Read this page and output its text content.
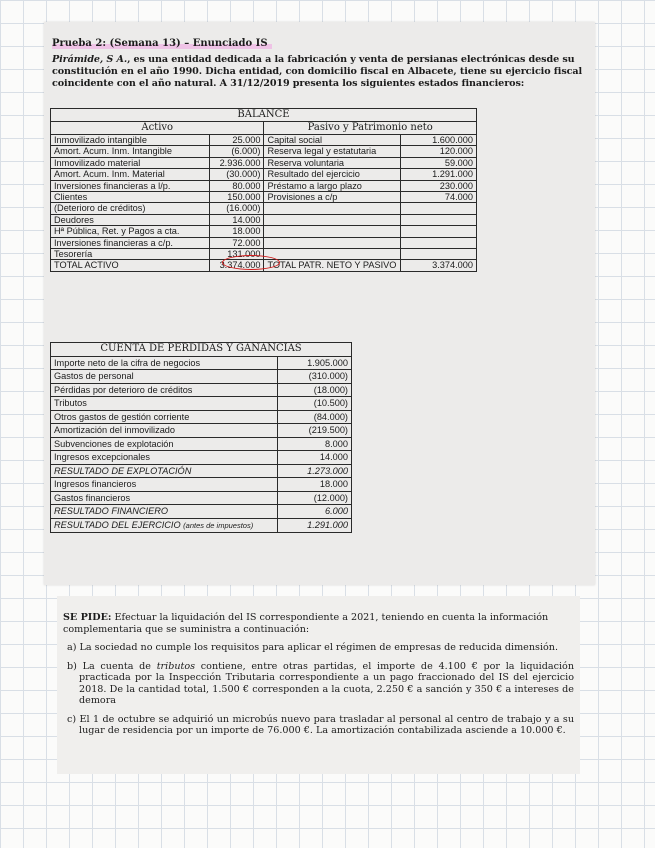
Prueba 2: (Semana 13) – Enunciado IS
Pirámide, S A., es una entidad dedicada a la fabricación y venta de persianas electrónicas desde su constitución en el año 1990. Dicha entidad, con domicilio fiscal en Albacete, tiene su ejercicio fiscal coincidente con el año natural. A 31/12/2019 presenta los siguientes estados financieros:
BALANCE			
Activo		Pasivo y Patrimonio neto	
Inmovilizado intangible	25.000	Capital social	1.600.000
Amort. Acum. Inm. Intangible	(6.000)	Reserva legal y estatutaria	120.000
Inmovilizado material	2.936.000	Reserva voluntaria	59.000
Amort. Acum. Inm. Material	(30.000)	Resultado del ejercicio	1.291.000
Inversiones financieras a l/p.	80.000	Préstamo a largo plazo	230.000
Clientes	150.000	Provisiones a c/p	74.000
(Deterioro de créditos)	(16.000)		
Deudores	14.000		
Hª Pública, Ret. y Pagos a cta.	18.000		
Inversiones financieras a c/p.	72.000		
Tesorería	131.000		
TOTAL ACTIVO	3.374.000	TOTAL PATR. NETO Y PASIVO	3.374.000
CUENTA DE PÉRDIDAS Y GANANCIAS	
Importe neto de la cifra de negocios	1.905.000
Gastos de personal	(310.000)
Pérdidas por deterioro de créditos	(18.000)
Tributos	(10.500)
Otros gastos de gestión corriente	(84.000)
Amortización del inmovilizado	(219.500)
Subvenciones de explotación	8.000
Ingresos excepcionales	14.000
RESULTADO DE EXPLOTACIÓN	1.273.000
Ingresos financieros	18.000
Gastos financieros	(12.000)
RESULTADO FINANCIERO	6.000
RESULTADO DEL EJERCICIO (antes de impuestos)	1.291.000
SE PIDE: Efectuar la liquidación del IS correspondiente a 2021, teniendo en cuenta la información complementaria que se suministra a continuación:
a) La sociedad no cumple los requisitos para aplicar el régimen de empresas de reducida dimensión.
b) La cuenta de tributos contiene, entre otras partidas, el importe de 4.100 € por la liquidación practicada por la Inspección Tributaria correspondiente a un pago fraccionado del IS del ejercicio 2018. De la cantidad total, 1.500 € corresponden a la cuota, 2.250 € a sanción y 350 € a intereses de demora
c) El 1 de octubre se adquirió un microbús nuevo para trasladar al personal al centro de trabajo y a su lugar de residencia por un importe de 76.000 €. La amortización contabilizada asciende a 10.000 €.
